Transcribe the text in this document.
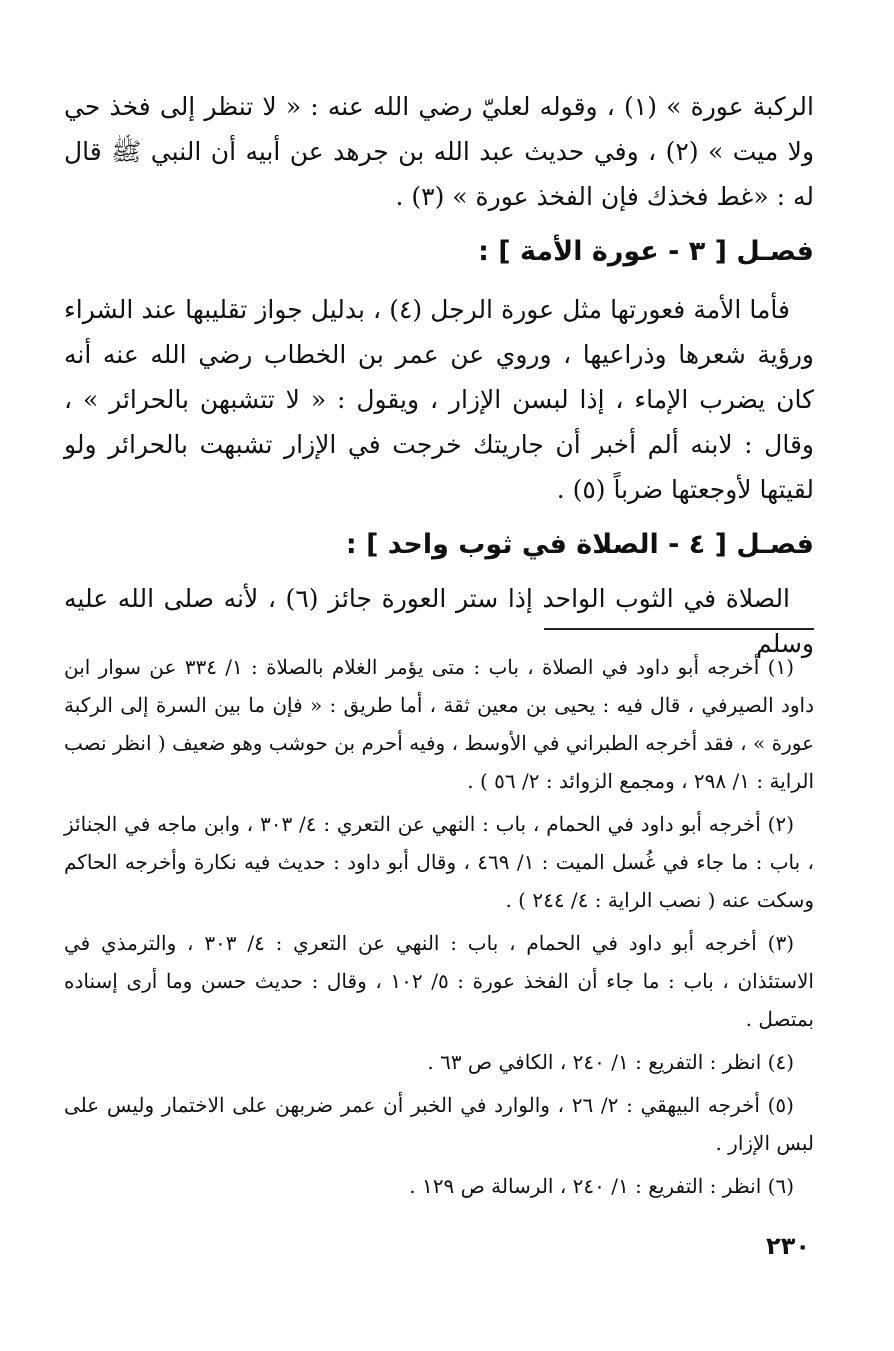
الركبة عورة » (١) ، وقوله لعليّ رضي الله عنه : « لا تنظر إلى فخذ حي ولا ميت » (٢) ، وفي حديث عبد الله بن جرهد عن أبيه أن النبي ﷺ قال له : «غط فخذك فإن الفخذ عورة » (٣) .

فصـل [ ٣ - عورة الأمة ] :

فأما الأمة فعورتها مثل عورة الرجل (٤) ، بدليل جواز تقليبها عند الشراء ورؤية شعرها وذراعيها ، وروي عن عمر بن الخطاب رضي الله عنه أنه كان يضرب الإماء ، إذا لبسن الإزار ، ويقول : « لا تتشبهن بالحرائر » ، وقال : لابنه ألم أخبر أن جاريتك خرجت في الإزار تشبهت بالحرائر ولو لقيتها لأوجعتها ضرباً (٥) .

فصـل [ ٤ - الصلاة في ثوب واحد ] :

الصلاة في الثوب الواحد إذا ستر العورة جائز (٦) ، لأنه صلى الله عليه وسلم

(١) أخرجه أبو داود في الصلاة ، باب : متى يؤمر الغلام بالصلاة : ١/ ٣٣٤ عن سوار ابن داود الصيرفي ، قال فيه : يحيى بن معين ثقة ، أما طريق : « فإن ما بين السرة إلى الركبة عورة » ، فقد أخرجه الطبراني في الأوسط ، وفيه أحرم بن حوشب وهو ضعيف ( انظر نصب الراية : ١/ ٢٩٨ ، ومجمع الزوائد : ٢/ ٥٦ ) .

(٢) أخرجه أبو داود في الحمام ، باب : النهي عن التعري : ٤/ ٣٠٣ ، وابن ماجه في الجنائز ، باب : ما جاء في غُسل الميت : ١/ ٤٦٩ ، وقال أبو داود : حديث فيه نكارة وأخرجه الحاكم وسكت عنه ( نصب الراية : ٤/ ٢٤٤ ) .

(٣) أخرجه أبو داود في الحمام ، باب : النهي عن التعري : ٤/ ٣٠٣ ، والترمذي في الاستئذان ، باب : ما جاء أن الفخذ عورة : ٥/ ١٠٢ ، وقال : حديث حسن وما أرى إسناده بمتصل .

(٤) انظر : التفريع : ١/ ٢٤٠ ، الكافي ص ٦٣ .

(٥) أخرجه البيهقي : ٢/ ٢٦ ، والوارد في الخبر أن عمر ضربهن على الاختمار وليس على لبس الإزار .

(٦) انظر : التفريع : ١/ ٢٤٠ ، الرسالة ص ١٢٩ .

٢٣٠
